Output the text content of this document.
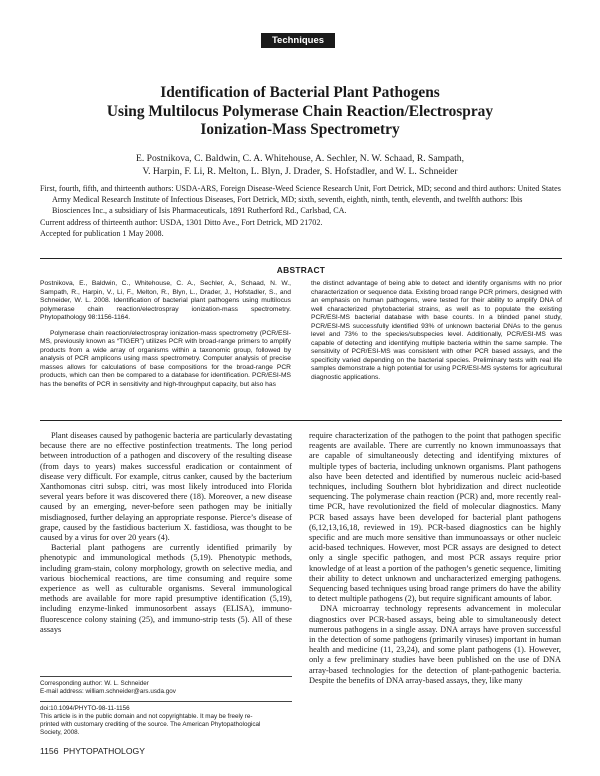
Techniques
Identification of Bacterial Plant Pathogens
Using Multilocus Polymerase Chain Reaction/Electrospray
Ionization-Mass Spectrometry
E. Postnikova, C. Baldwin, C. A. Whitehouse, A. Sechler, N. W. Schaad, R. Sampath,
V. Harpin, F. Li, R. Melton, L. Blyn, J. Drader, S. Hofstadler, and W. L. Schneider

First, fourth, fifth, and thirteenth authors: USDA-ARS, Foreign Disease-Weed Science Research Unit, Fort Detrick, MD; second and third authors: United States Army Medical Research Institute of Infectious Diseases, Fort Detrick, MD; sixth, seventh, eighth, ninth, tenth, eleventh, and twelfth authors: Ibis Biosciences Inc., a subsidiary of Isis Pharmaceuticals, 1891 Rutherford Rd., Carlsbad, CA.

Current address of thirteenth author: USDA, 1301 Ditto Ave., Fort Detrick, MD 21702.

Accepted for publication 1 May 2008.

ABSTRACT

Postnikova, E., Baldwin, C., Whitehouse, C. A., Sechler, A., Schaad, N. W., Sampath, R., Harpin, V., Li, F., Melton, R., Blyn, L., Drader, J., Hofstadler, S., and Schneider, W. L. 2008. Identification of bacterial plant pathogens using multilocus polymerase chain reaction/electrospray ionization-mass spectrometry. Phytopathology 98:1156-1164.

Polymerase chain reaction/electrospray ionization-mass spectrometry (PCR/ESI-MS, previously known as “TIGER”) utilizes PCR with broad-range primers to amplify products from a wide array of organisms within a taxonomic group, followed by analysis of PCR amplicons using mass spectrometry. Computer analysis of precise masses allows for calculations of base compositions for the broad-range PCR products, which can then be compared to a database for identification. PCR/ESI-MS has the benefits of PCR in sensitivity and high-throughput capacity, but also has

the distinct advantage of being able to detect and identify organisms with no prior characterization or sequence data. Existing broad range PCR primers, designed with an emphasis on human pathogens, were tested for their ability to amplify DNA of well characterized phytobacterial strains, as well as to populate the existing PCR/ESI-MS bacterial database with base counts. In a blinded panel study, PCR/ESI-MS successfully identified 93% of unknown bacterial DNAs to the genus level and 73% to the species/subspecies level. Additionally, PCR/ESI-MS was capable of detecting and identifying multiple bacteria within the same sample. The sensitivity of PCR/ESI-MS was consistent with other PCR based assays, and the specificity varied depending on the bacterial species. Preliminary tests with real life samples demonstrate a high potential for using PCR/ESI-MS systems for agricultural diagnostic applications.

Plant diseases caused by pathogenic bacteria are particularly devastating because there are no effective postinfection treatments. The long period between introduction of a pathogen and discovery of the resulting disease (from days to years) makes successful eradication or containment of disease very difficult. For example, citrus canker, caused by the bacterium Xanthomonas citri subsp. citri, was most likely introduced into Florida several years before it was discovered there (18). Moreover, a new disease caused by an emerging, never-before seen pathogen may be initially misdiagnosed, further delaying an appropriate response. Pierce’s disease of grape, caused by the fastidious bacterium X. fastidiosa, was thought to be caused by a virus for over 20 years (4).

Bacterial plant pathogens are currently identified primarily by phenotypic and immunological methods (5,19). Phenotypic methods, including gram-stain, colony morphology, growth on selective media, and various biochemical reactions, are time consuming and require some experience as well as culturable organisms. Several immunological methods are available for more rapid presumptive identification (5,19), including enzyme-linked immunosorbent assays (ELISA), immuno-fluorescence colony staining (25), and immuno-strip tests (5). All of these assays

require characterization of the pathogen to the point that pathogen specific reagents are available. There are currently no known immunoassays that are capable of simultaneously detecting and identifying mixtures of multiple types of bacteria, including unknown organisms. Plant pathogens also have been detected and identified by numerous nucleic acid-based techniques, including Southern blot hybridization and direct nucleotide sequencing. The polymerase chain reaction (PCR) and, more recently real-time PCR, have revolutionized the field of molecular diagnostics. Many PCR based assays have been developed for bacterial plant pathogens (6,12,13,16,18, reviewed in 19). PCR-based diagnostics can be highly specific and are much more sensitive than immunoassays or other nucleic acid-based techniques. However, most PCR assays are designed to detect only a single specific pathogen, and most PCR assays require prior knowledge of at least a portion of the pathogen’s genetic sequence, limiting their ability to detect unknown and uncharacterized emerging pathogens. Sequencing based techniques using broad range primers do have the ability to detect multiple pathogens (2), but require significant amounts of labor.

DNA microarray technology represents advancement in molecular diagnostics over PCR-based assays, being able to simultaneously detect numerous pathogens in a single assay. DNA arrays have proven successful in the detection of some pathogens (primarily viruses) important in human health and medicine (11, 23,24), and some plant pathogens (1). However, only a few preliminary studies have been published on the use of DNA array-based technologies for the detection of plant-pathogenic bacteria. Despite the benefits of DNA array-based assays, they, like many

Corresponding author: W. L. Schneider
E-mail address: william.schneider@ars.usda.gov
doi:10.1094/PHYTO-98-11-1156
This article is in the public domain and not copyrightable. It may be freely re-
printed with customary crediting of the source. The American Phytopathological
Society, 2008.
1156 PHYTOPATHOLOGY
